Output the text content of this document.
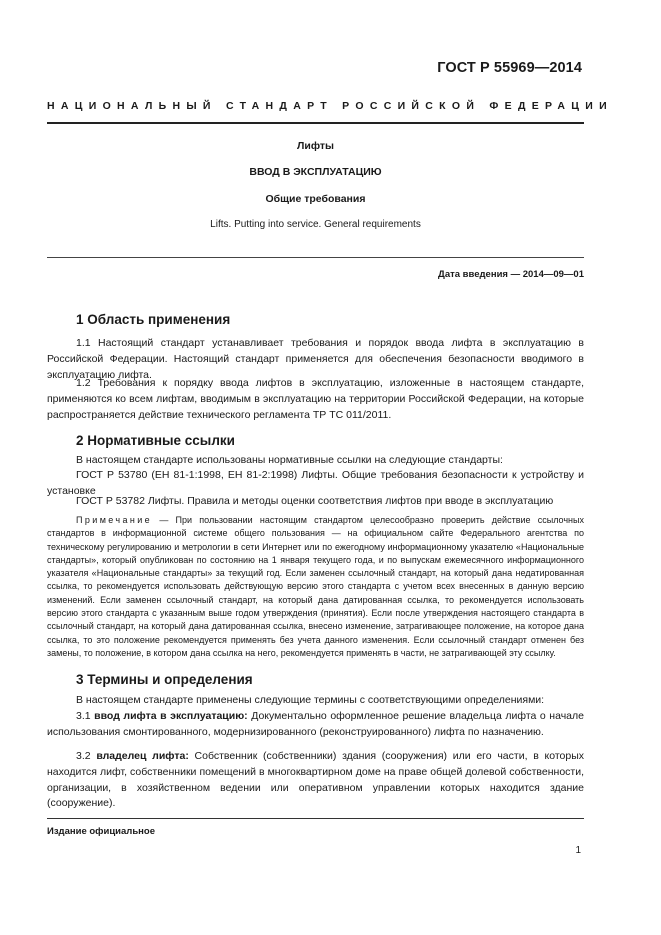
ГОСТ Р 55969—2014
НАЦИОНАЛЬНЫЙ СТАНДАРТ РОССИЙСКОЙ ФЕДЕРАЦИИ
Лифты
ВВОД В ЭКСПЛУАТАЦИЮ
Общие требования
Lifts. Putting into service. General requirements
Дата введения — 2014—09—01
1 Область применения

1.1 Настоящий стандарт устанавливает требования и порядок ввода лифта в эксплуатацию в Российской Федерации. Настоящий стандарт применяется для обеспечения безопасности вводимого в эксплуатацию лифта.

1.2 Требования к порядку ввода лифтов в эксплуатацию, изложенные в настоящем стандарте, применяются ко всем лифтам, вводимым в эксплуатацию на территории Российской Федерации, на которые распространяется действие технического регламента ТР ТС 011/2011.

2 Нормативные ссылки

В настоящем стандарте использованы нормативные ссылки на следующие стандарты:

ГОСТ Р 53780 (ЕН 81-1:1998, ЕН 81-2:1998) Лифты. Общие требования безопасности к устройству и установке

ГОСТ Р 53782 Лифты. Правила и методы оценки соответствия лифтов при вводе в эксплуатацию

Примечание — При пользовании настоящим стандартом целесообразно проверить действие ссылочных стандартов в информационной системе общего пользования — на официальном сайте Федерального агентства по техническому регулированию и метрологии в сети Интернет или по ежегодному информационному указателю «Национальные стандарты», который опубликован по состоянию на 1 января текущего года, и по выпускам ежемесячного информационного указателя «Национальные стандарты» за текущий год. Если заменен ссылочный стандарт, на который дана недатированная ссылка, то рекомендуется использовать действующую версию этого стандарта с учетом всех внесенных в данную версию изменений. Если заменен ссылочный стандарт, на который дана датированная ссылка, то рекомендуется использовать версию этого стандарта с указанным выше годом утверждения (принятия). Если после утверждения настоящего стандарта в ссылочный стандарт, на который дана датированная ссылка, внесено изменение, затрагивающее положение, на которое дана ссылка, то это положение рекомендуется применять без учета данного изменения. Если ссылочный стандарт отменен без замены, то положение, в котором дана ссылка на него, рекомендуется применять в части, не затрагивающей эту ссылку.

3 Термины и определения

В настоящем стандарте применены следующие термины с соответствующими определениями:

3.1 ввод лифта в эксплуатацию: Документально оформленное решение владельца лифта о начале использования смонтированного, модернизированного (реконструированного) лифта по назначению.

3.2 владелец лифта: Собственник (собственники) здания (сооружения) или его части, в которых находится лифт, собственники помещений в многоквартирном доме на праве общей долевой собственности, организации, в хозяйственном ведении или оперативном управлении которых находится здание (сооружение).

Издание официальное
1
